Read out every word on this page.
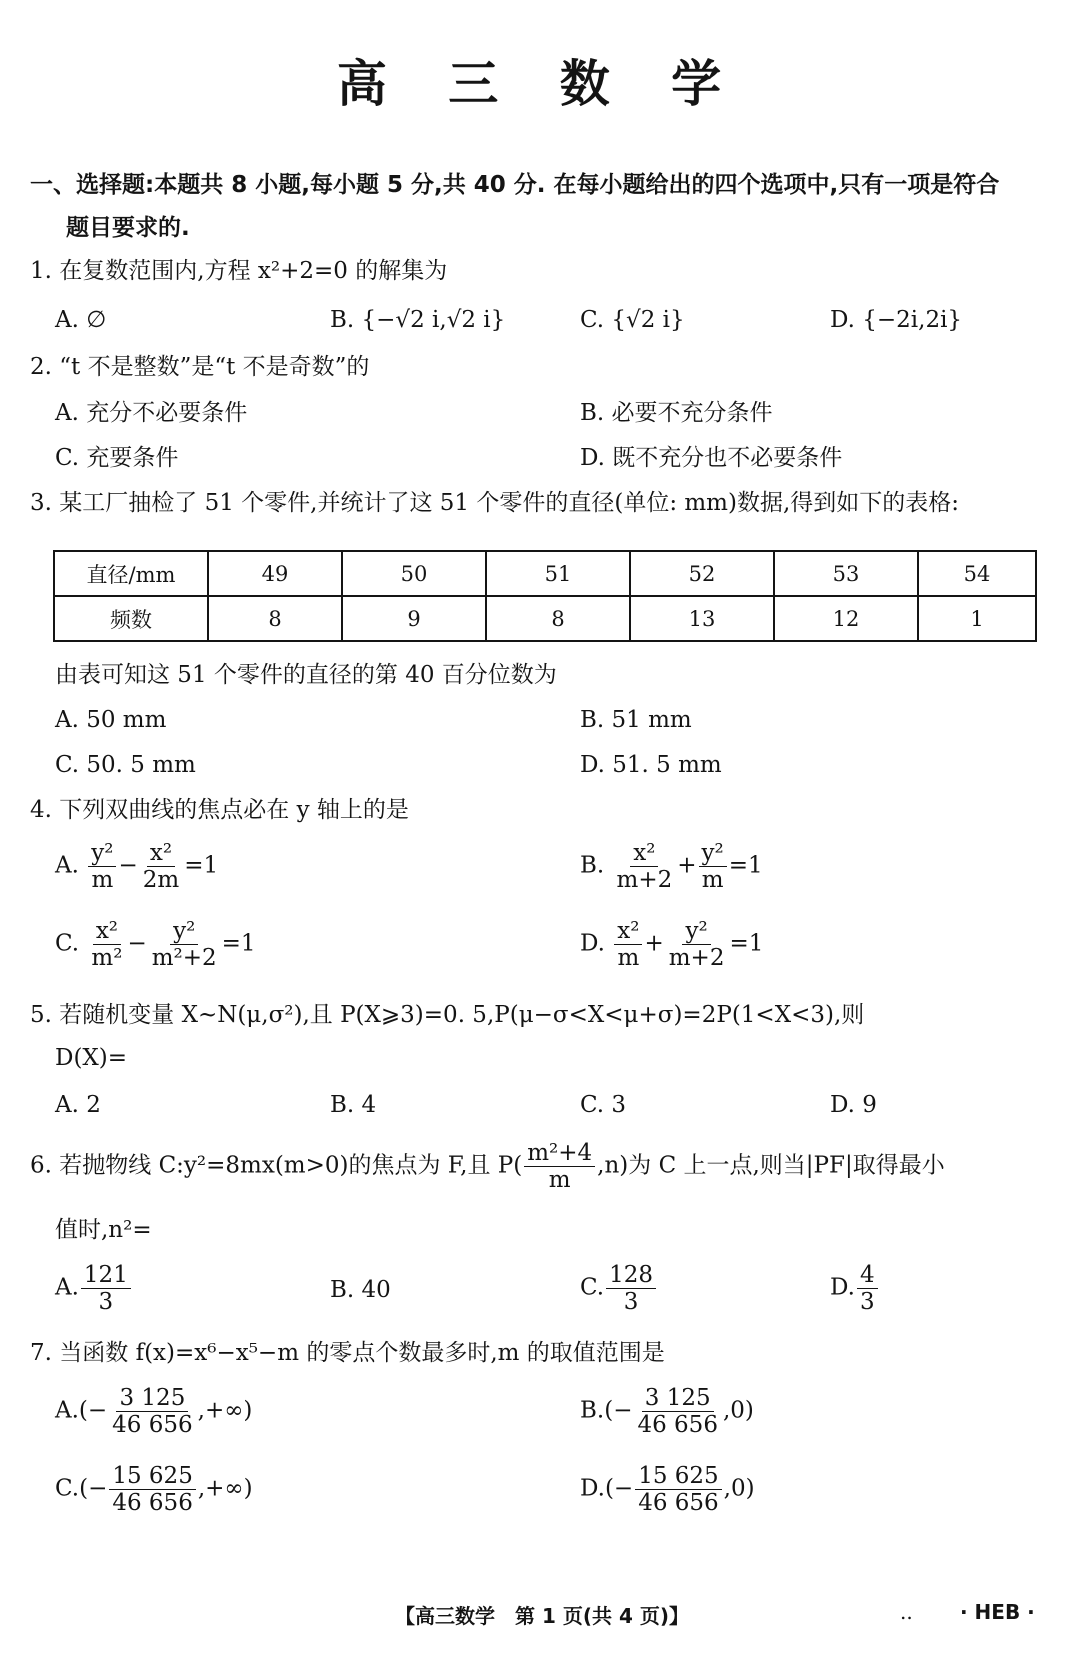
高 三 数 学
一、选择题:本题共 8 小题,每小题 5 分,共 40 分. 在每小题给出的四个选项中,只有一项是符合
题目要求的.
1. 在复数范围内,方程 x²+2=0 的解集为
A. ∅	B. {−√2 i,√2 i}	C. {√2 i}	D. {−2i,2i}
2. “t 不是整数”是“t 不是奇数”的
A. 充分不必要条件	B. 必要不充分条件
C. 充要条件	D. 既不充分也不必要条件
3. 某工厂抽检了 51 个零件,并统计了这 51 个零件的直径(单位: mm)数据,得到如下的表格:
直径/mm	49	50	51	52	53	54
频数	8	9	8	13	12	1
由表可知这 51 个零件的直径的第 40 百分位数为
A. 50 mm	B. 51 mm
C. 50. 5 mm	D. 51. 5 mm
4. 下列双曲线的焦点必在 y 轴上的是
A. $\frac{\text{y²}}{m} - \frac{\text{x²}}{2m} =1$	B. $\frac{\text{x²}}{m+2} + \frac{\text{y²}}{m} =1$
C. $\frac{\text{x²}}{\text{m²}} - \frac{\text{y²}}{\text{m²+2}} =1$	D. $\frac{\text{x²}}{m} + \frac{\text{y²}}{m+2} =1$
5. 若随机变量 X~N(μ,σ²),且 P(X⩾3)=0. 5,P(μ−σ<X<μ+σ)=2P(1<X<3),则
D(X)=
A. 2	B. 4	C. 3	D. 9
6. 若抛物线 C:y²=8mx(m>0)的焦点为 F,且 $P( \frac{\text{m²+4}}{m} ,n)$为 C 上一点,则当|PF|取得最小
值时,n²=
A. $\frac{121}{3}$	B. 40	C. $\frac{128}{3}$	D. $\frac{4}{3}$
7. 当函数 f(x)=x⁶−x⁵−m 的零点个数最多时,m 的取值范围是
$A.(- \frac{3 125}{46 656}$ ,+∞)	$B.(- \frac{3 125}{46 656} ,0)$
$C.(- \frac{15 625}{46 656}$ ,+∞)	$D.(- \frac{15 625}{46 656} ,0)$
【高三数学　第 1 页(共 4 页)】	.. · HEB ·
